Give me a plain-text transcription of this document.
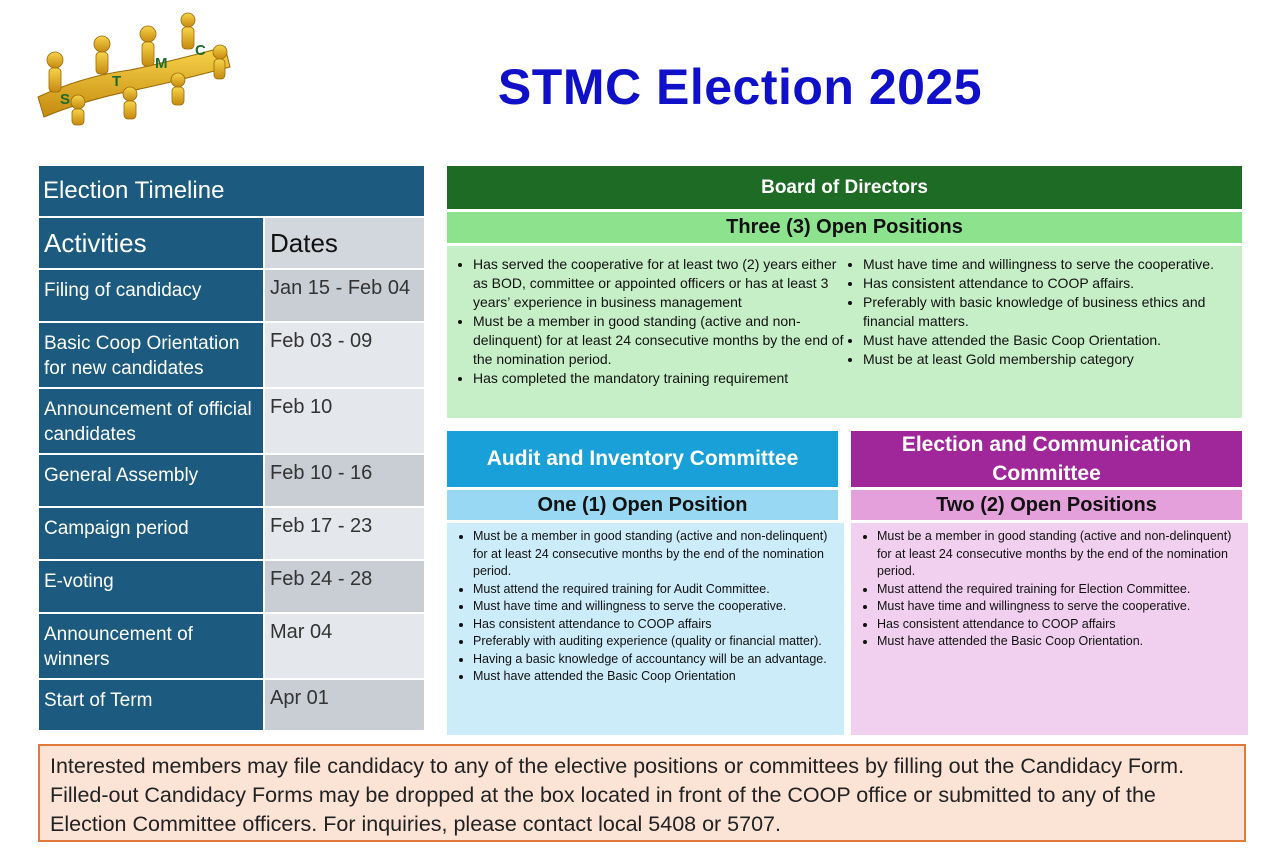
S
T
M
C
STMC Election 2025
Election Timeline	
Activities	Dates
Filing of candidacy	Jan 15 - Feb 04
Basic Coop Orientation for new candidates	Feb 03 - 09
Announcement of official candidates	Feb 10
General Assembly	Feb 10 - 16
Campaign period	Feb 17 - 23
E-voting	Feb 24 - 28
Announcement of winners	Mar 04
Start of Term	Apr 01
Board of Directors
Three (3) Open Positions
• Has served the cooperative for at least two (2) years either as BOD, committee or appointed officers or has at least 3 years’ experience in business management
• Must be a member in good standing (active and non-delinquent) for at least 24 consecutive months by the end of the nomination period.
• Has completed the mandatory training requirement
• Must have time and willingness to serve the cooperative.
• Has consistent attendance to COOP affairs.
• Preferably with basic knowledge of business ethics and financial matters.
• Must have attended the Basic Coop Orientation.
• Must be at least Gold membership category
Audit and Inventory Committee
One (1) Open Position
• Must be a member in good standing (active and non-delinquent) for at least 24 consecutive months by the end of the nomination period.
• Must attend the required training for Audit Committee.
• Must have time and willingness to serve the cooperative.
• Has consistent attendance to COOP affairs
• Preferably with auditing experience (quality or financial matter).
• Having a basic knowledge of accountancy will be an advantage.
• Must have attended the Basic Coop Orientation
Election and Communication Committee
Two (2) Open Positions
• Must be a member in good standing (active and non-delinquent) for at least 24 consecutive months by the end of the nomination period.
• Must attend the required training for Election Committee.
• Must have time and willingness to serve the cooperative.
• Has consistent attendance to COOP affairs
• Must have attended the Basic Coop Orientation.
Interested members may file candidacy to any of the elective positions or committees by filling out the Candidacy Form. Filled-out Candidacy Forms may be dropped at the box located in front of the COOP office or submitted to any of the Election Committee officers. For inquiries, please contact local 5408 or 5707.
